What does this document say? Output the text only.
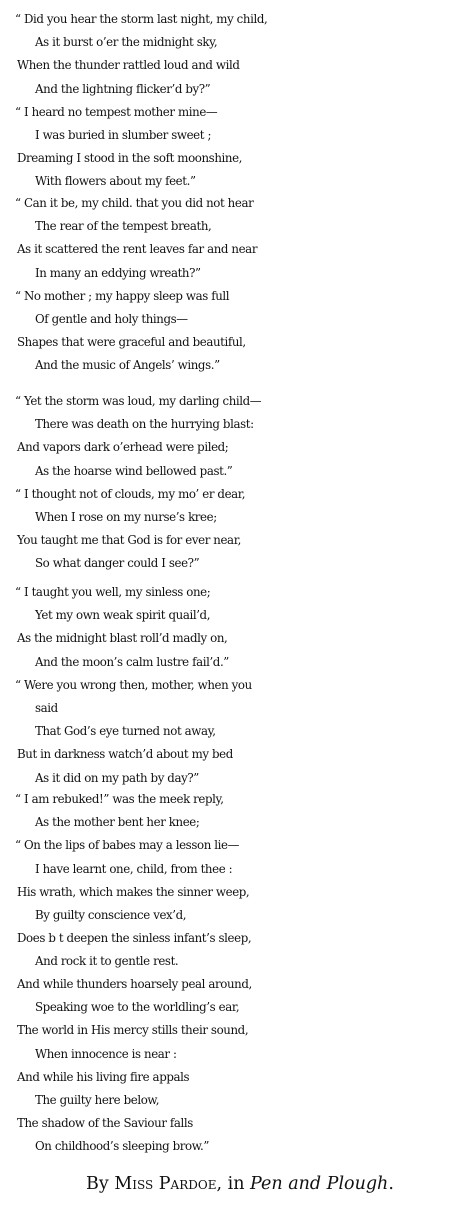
“ Did you hear the storm last night, my child,
As it burst o’er the midnight sky,
When the thunder rattled loud and wild
And the lightning flicker’d by?”
“ I heard no tempest mother mine—
I was buried in slumber sweet ;
Dreaming I stood in the soft moonshine,
With flowers about my feet.”
“ Can it be, my child. that you did not hear
The rear of the tempest breath,
As it scattered the rent leaves far and near
In many an eddying wreath?”
“ No mother ; my happy sleep was full
Of gentle and holy things—
Shapes that were graceful and beautiful,
And the music of Angels’ wings.”
“ Yet the storm was loud, my darling child—
There was death on the hurrying blast:
And vapors dark o’erhead were piled;
As the hoarse wind bellowed past.”
“ I thought not of clouds, my mo’ er dear,
When I rose on my nurse’s kree;
You taught me that God is for ever near,
So what danger could I see?”
“ I taught you well, my sinless one;
Yet my own weak spirit quail’d,
As the midnight blast roll’d madly on,
And the moon’s calm lustre fail’d.”
“ Were you wrong then, mother, when you
said
That God’s eye turned not away,
But in darkness watch’d about my bed
As it did on my path by day?”
“ I am rebuked!” was the meek reply,
As the mother bent her knee;
“ On the lips of babes may a lesson lie—
I have learnt one, child, from thee :
His wrath, which makes the sinner weep,
By guilty conscience vex’d,
Does b t deepen the sinless infant’s sleep,
And rock it to gentle rest.
And while thunders hoarsely peal around,
Speaking woe to the worldling’s ear,
The world in His mercy stills their sound,
When innocence is near :
And while his living fire appals
The guilty here below,
The shadow of the Saviour falls
On childhood’s sleeping brow.”
By Miss Pardoe, in Pen and Plough.
